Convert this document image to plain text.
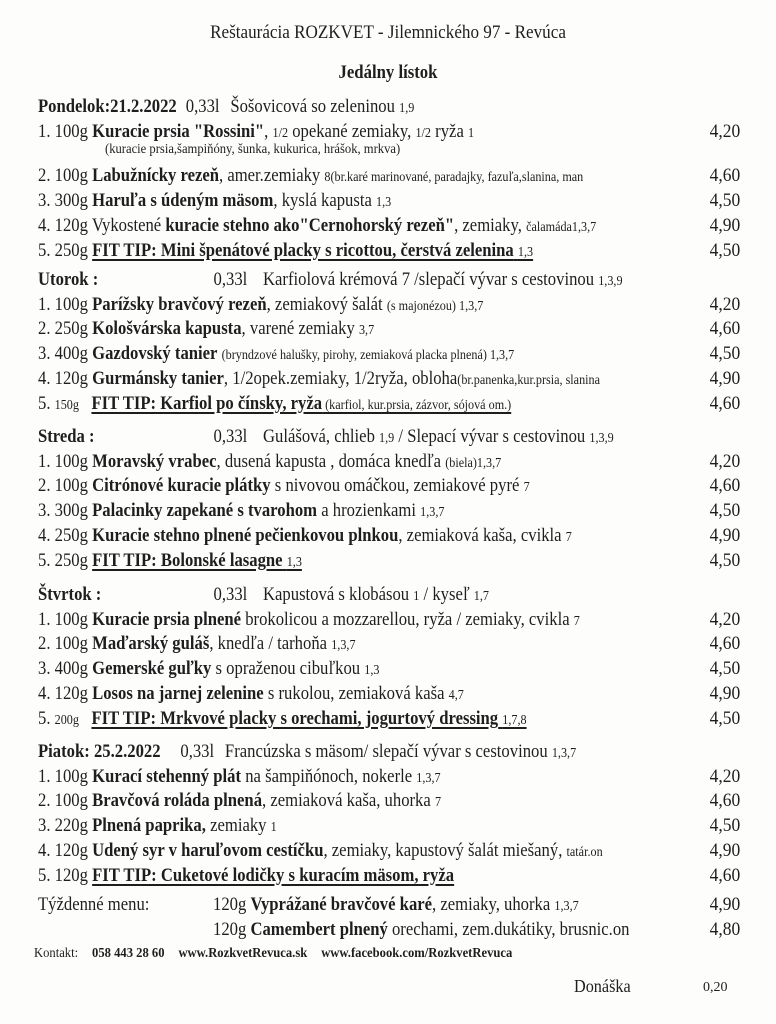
Reštaurácia ROZKVET - Jilemnického 97 - Revúca
Jedálny lístok
Pondelok:21.2.2022 0,33l Šošovicová so zeleninou 1,9
1. 100g Kuracie prsia "Rossini", 1/2 opekané zemiaky, 1/2 ryža 1	4,20
2. 100g Labužnícky rezeň, amer.zemiaky 8(br.karé marinované, paradajky, fazuľa,slanina, man	4,60
3. 300g Haruľa s údeným mäsom, kyslá kapusta 1,3	4,50
4. 120g Vykostené kuracie stehno ako"Cernohorský rezeň", zemiaky, čalamáda1,3,7	4,90
5. 250g FIT TIP: Mini špenátové placky s ricottou, čerstvá zelenina 1,3	4,50
(kuracie prsia,šampiňóny, šunka, kukurica, hrášok, mrkva)
Utorok :	0,33l Karfiolová krémová 7 /slepačí vývar s cestovinou 1,3,9
1. 100g Parížsky bravčový rezeň, zemiakový šalát (s majonézou) 1,3,7	4,20
2. 250g Kološvárska kapusta, varené zemiaky 3,7	4,60
3. 400g Gazdovský tanier (bryndzové halušky, pirohy, zemiaková placka plnená) 1,3,7	4,50
4. 120g Gurmánsky tanier, 1/2opek.zemiaky, 1/2ryža, obloha(br.panenka,kur.prsia, slanina	4,90
5. 150g FIT TIP: Karfiol po čínsky, ryža (karfiol, kur.prsia, zázvor, sójová om.)	4,60
Streda :	0,33l Gulášová, chlieb 1,9 / Slepací vývar s cestovinou 1,3,9
1. 100g Moravský vrabec, dusená kapusta , domáca knedľa (biela)1,3,7	4,20
2. 100g Citrónové kuracie plátky s nivovou omáčkou, zemiakové pyré 7	4,60
3. 300g Palacinky zapekané s tvarohom a hrozienkami 1,3,7	4,50
4. 250g Kuracie stehno plnené pečienkovou plnkou, zemiaková kaša, cvikla 7	4,90
5. 250g FIT TIP: Bolonské lasagne 1,3	4,50
Štvrtok :	0,33l Kapustová s klobásou 1 / kyseľ 1,7
1. 100g Kuracie prsia plnené brokolicou a mozzarellou, ryža / zemiaky, cvikla 7	4,20
2. 100g Maďarský guláš, knedľa / tarhoňa 1,3,7	4,60
3. 400g Gemerské guľky s opraženou cibuľkou 1,3	4,50
4. 120g Losos na jarnej zelenine s rukolou, zemiaková kaša 4,7	4,90
5. 200g FIT TIP: Mrkvové placky s orechami, jogurtový dressing 1,7,8	4,50
Piatok: 25.2.2022 0,33l Francúzska s mäsom/ slepačí vývar s cestovinou 1,3,7
1. 100g Kurací stehenný plát na šampiňónoch, nokerle 1,3,7	4,20
2. 100g Bravčová roláda plnená, zemiaková kaša, uhorka 7	4,60
3. 220g Plnená paprika, zemiaky 1	4,50
4. 120g Udený syr v haruľovom cestíčku, zemiaky, kapustový šalát miešaný, tatár.on	4,90
5. 120g FIT TIP: Cuketové lodičky s kuracím mäsom, ryža	4,60
Týždenné menu:	120g Vyprážané bravčové karé, zemiaky, uhorka 1,3,7	4,90
120g Camembert plnený orechami, zem.dukátiky, brusnic.on	4,80
Kontakt: 058 443 28 60 www.RozkvetRevuca.sk www.facebook.com/RozkvetRevuca
Donáška	0,20
